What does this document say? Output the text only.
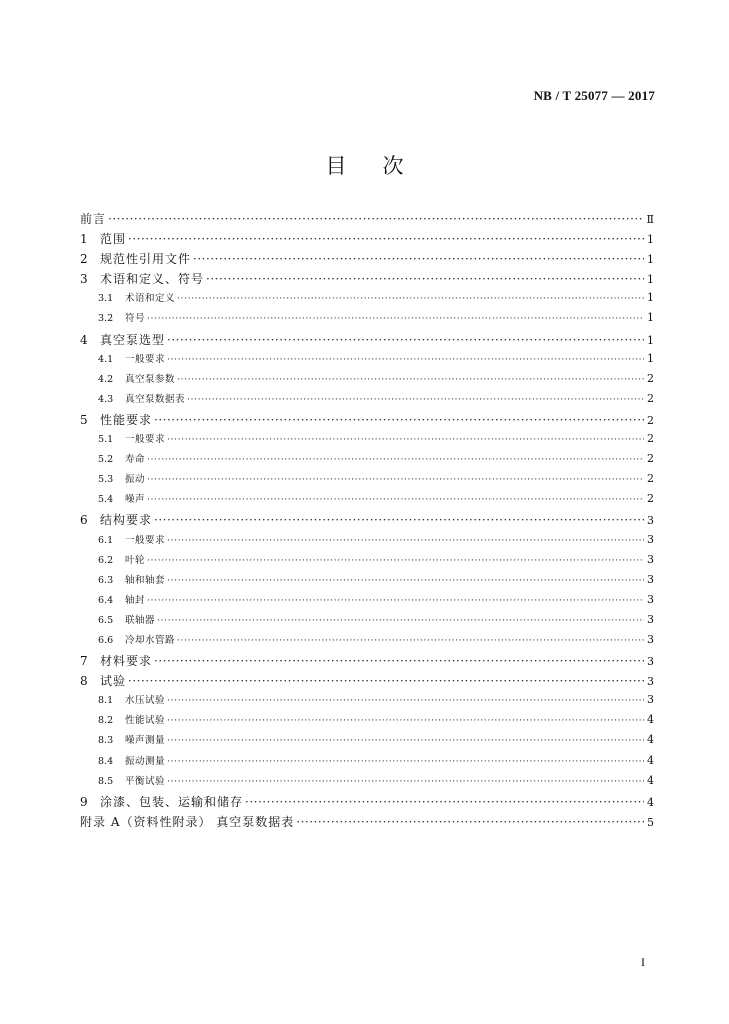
NB / T 25077 — 2017
目次
前言 ·····	Ⅱ
1	范围 ·····	1
2	规范性引用文件 ·····	1
3	术语和定义、符号 ·····	1
3.1	术语和定义 ·····	1
3.2	符号 ·····	1
4	真空泵选型 ·····	1
4.1	一般要求 ·····	1
4.2	真空泵参数 ·····	2
4.3	真空泵数据表 ·····	2
5	性能要求 ·····	2
5.1	一般要求 ·····	2
5.2	寿命 ·····	2
5.3	振动 ·····	2
5.4	噪声 ·····	2
6	结构要求 ·····	3
6.1	一般要求 ·····	3
6.2	叶轮 ·····	3
6.3	轴和轴套 ·····	3
6.4	轴封 ·····	3
6.5	联轴器 ·····	3
6.6	冷却水管路 ·····	3
7	材料要求 ·····	3
8	试验 ·····	3
8.1	水压试验 ·····	3
8.2	性能试验 ·····	4
8.3	噪声测量 ·····	4
8.4	振动测量 ·····	4
8.5	平衡试验 ·····	4
9	涂漆、包装、运输和储存 ·····	4
附录 A（资料性附录） 真空泵数据表 ·····	5
I
